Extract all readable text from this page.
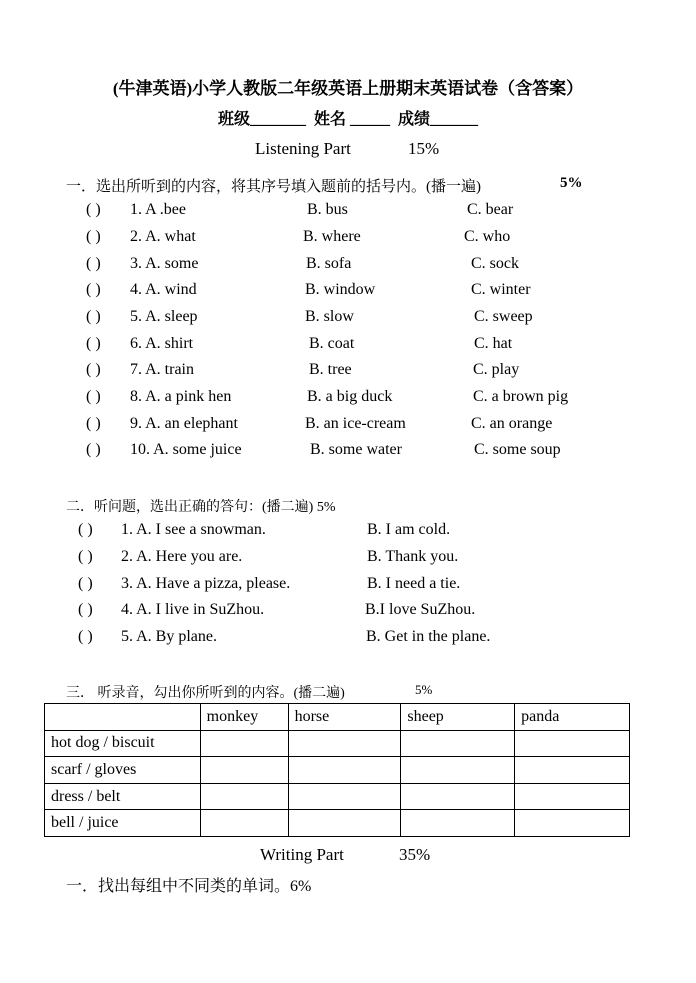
(牛津英语)小学人教版二年级英语上册期末英语试卷（含答案）
班级_______ 姓名 _____ 成绩______
Listening Part	15%
一．选出所听到的内容，将其序号填入题前的括号内。(播一遍)	5%
( ) 1. A .bee	B. bus	C. bear
( ) 2. A. what	B. where	C. who
( ) 3. A. some	B. sofa	C. sock
( ) 4. A. wind	B. window	C. winter
( ) 5. A. sleep	B. slow	C. sweep
( ) 6. A. shirt	B. coat	C. hat
( ) 7. A. train	B. tree	C. play
( ) 8. A. a pink hen	B. a big duck	C. a brown pig
( ) 9. A. an elephant	B. an ice-cream	C. an orange
( ) 10. A. some juice	B. some water	C. some soup
二．听问题，选出正确的答句：(播二遍) 5%
( ) 1. A. I see a snowman.	B. I am cold.
( ) 2. A. Here you are.	B. Thank you.
( ) 3. A. Have a pizza, please.	B. I need a tie.
( ) 4. A. I live in SuZhou.	B.I love SuZhou.
( ) 5. A. By plane.	B. Get in the plane.
三． 听录音，勾出你所听到的内容。(播二遍)	5%
	monkey	horse	sheep	panda
hot dog / biscuit				
scarf / gloves				
dress / belt				
bell / juice				
Writing Part	35%
一．找出每组中不同类的单词。6%
